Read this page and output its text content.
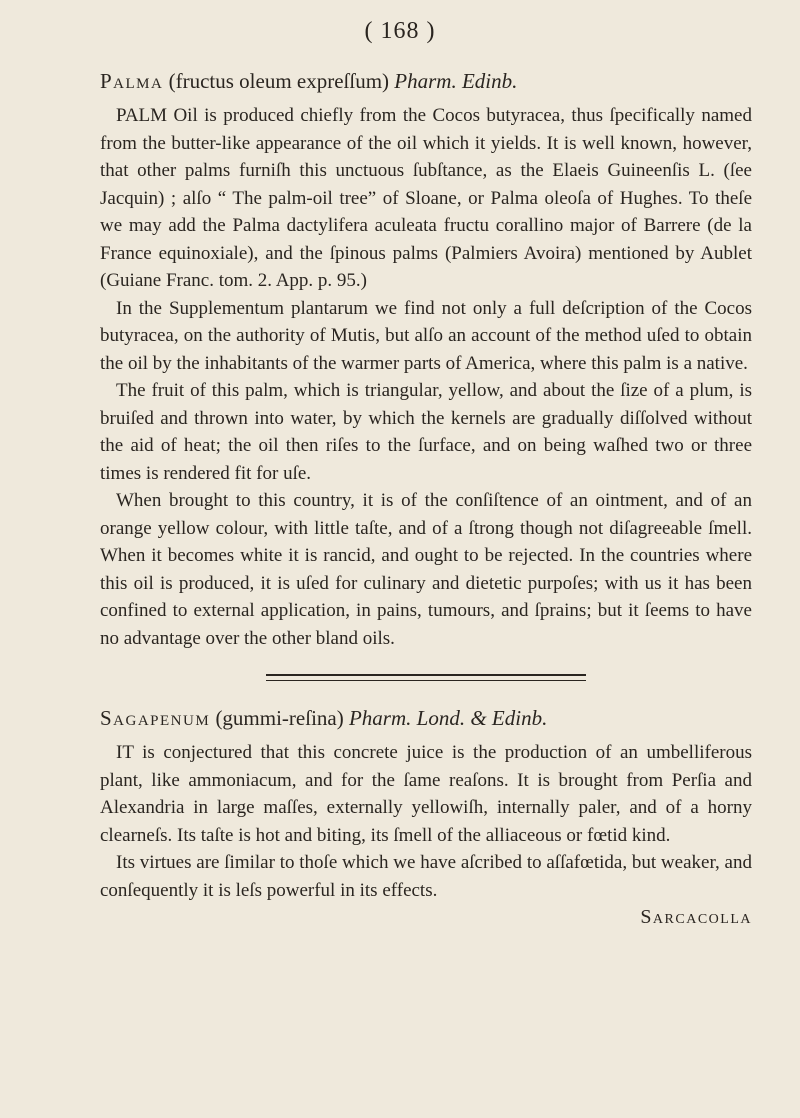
( 168 )
Palma (fructus oleum expreſſum) Pharm. Edinb.

PALM Oil is produced chiefly from the Cocos butyracea, thus ſpecifically named from the butter-like appearance of the oil which it yields. It is well known, however, that other palms furniſh this unctuous ſubſtance, as the Elaeis Guineenſis L. (ſee Jacquin) ; alſo “ The palm-oil tree” of Sloane, or Palma oleoſa of Hughes. To theſe we may add the Palma dactylifera aculeata fructu corallino major of Barrere (de la France equinoxiale), and the ſpinous palms (Palmiers Avoira) mentioned by Aublet (Guiane Franc. tom. 2. App. p. 95.)

In the Supplementum plantarum we find not only a full deſcription of the Cocos butyracea, on the authority of Mutis, but alſo an account of the method uſed to obtain the oil by the inhabitants of the warmer parts of America, where this palm is a native.

The fruit of this palm, which is triangular, yellow, and about the ſize of a plum, is bruiſed and thrown into water, by which the kernels are gradually diſſolved without the aid of heat; the oil then riſes to the ſurface, and on being waſhed two or three times is rendered fit for uſe.

When brought to this country, it is of the conſiſtence of an ointment, and of an orange yellow colour, with little taſte, and of a ſtrong though not diſagreeable ſmell. When it becomes white it is rancid, and ought to be rejected. In the countries where this oil is produced, it is uſed for culinary and dietetic purpoſes; with us it has been confined to external application, in pains, tumours, and ſprains; but it ſeems to have no advantage over the other bland oils.

Sagapenum (gummi-reſina) Pharm. Lond. & Edinb.

IT is conjectured that this concrete juice is the production of an umbelliferous plant, like ammoniacum, and for the ſame reaſons. It is brought from Perſia and Alexandria in large maſſes, externally yellowiſh, internally paler, and of a horny clearneſs. Its taſte is hot and biting, its ſmell of the alliaceous or fœtid kind.

Its virtues are ſimilar to thoſe which we have aſcribed to aſſafœtida, but weaker, and conſequently it is leſs powerful in its effects.

Sarcacolla
